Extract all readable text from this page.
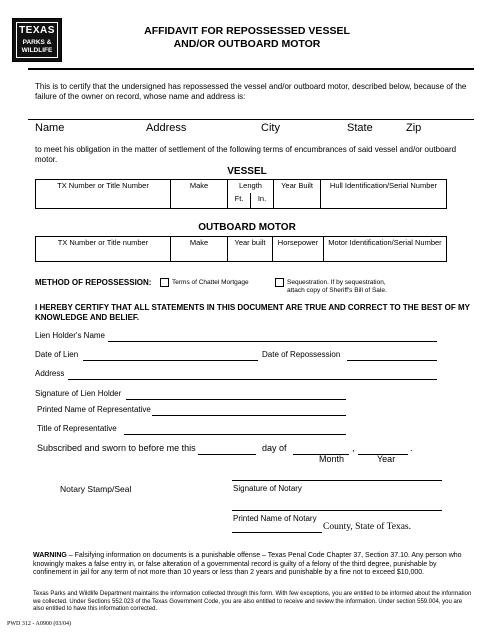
TEXAS
PARKS &
WILDLIFE
AFFIDAVIT FOR REPOSSESSED VESSEL
AND/OR OUTBOARD MOTOR
This is to certify that the undersigned has repossessed the vessel and/or outboard motor, described below, because of the failure of the owner on record, whose name and address is:
Name	Address	City	State	Zip
to meet his obligation in the matter of settlement of the following terms of encumbrances of said vessel and/or outboard motor.
VESSEL
TX Number or Title Number	Make	Length		Year Built	Hull Identification/Serial Number
		Ft.	In.		
OUTBOARD MOTOR
TX Number or Title number	Make	Year built	Horsepower	Motor Identification/Serial Number
METHOD OF REPOSSESSION:	Terms of Chattel Mortgage	Sequestration. If by sequestration,
attach copy of Sheriff's Bill of Sale.
I HEREBY CERTIFY THAT ALL STATEMENTS IN THIS DOCUMENT ARE TRUE AND CORRECT TO THE BEST OF MY KNOWLEDGE AND BELIEF.
Lien Holder's Name
Date of Lien	Date of Repossession
Address
Signature of Lien Holder
Printed Name of Representative
Title of Representative
Subscribed and sworn to before me this	day of	,	.
Month	Year
Notary Stamp/Seal	Signature of Notary
Printed Name of Notary
County, State of Texas.
WARNING – Falsifying information on documents is a punishable offense – Texas Penal Code Chapter 37, Section 37.10. Any person who knowingly makes a false entry in, or false alteration of a governmental record is guilty of a felony of the third degree, punishable by confinement in jail for any term of not more than 10 years or less than 2 years and punishable by a fine not to exceed $10,000.
Texas Parks and Wildlife Department maintains the information collected through this form. With few exceptions, you are entitled to be informed about the information we collected. Under Sections 552.023 of the Texas Government Code, you are also entitled to receive and review the information. Under section 559.004, you are also entitled to have this information corrected.
PWD 312 - A0900 (03/04)
